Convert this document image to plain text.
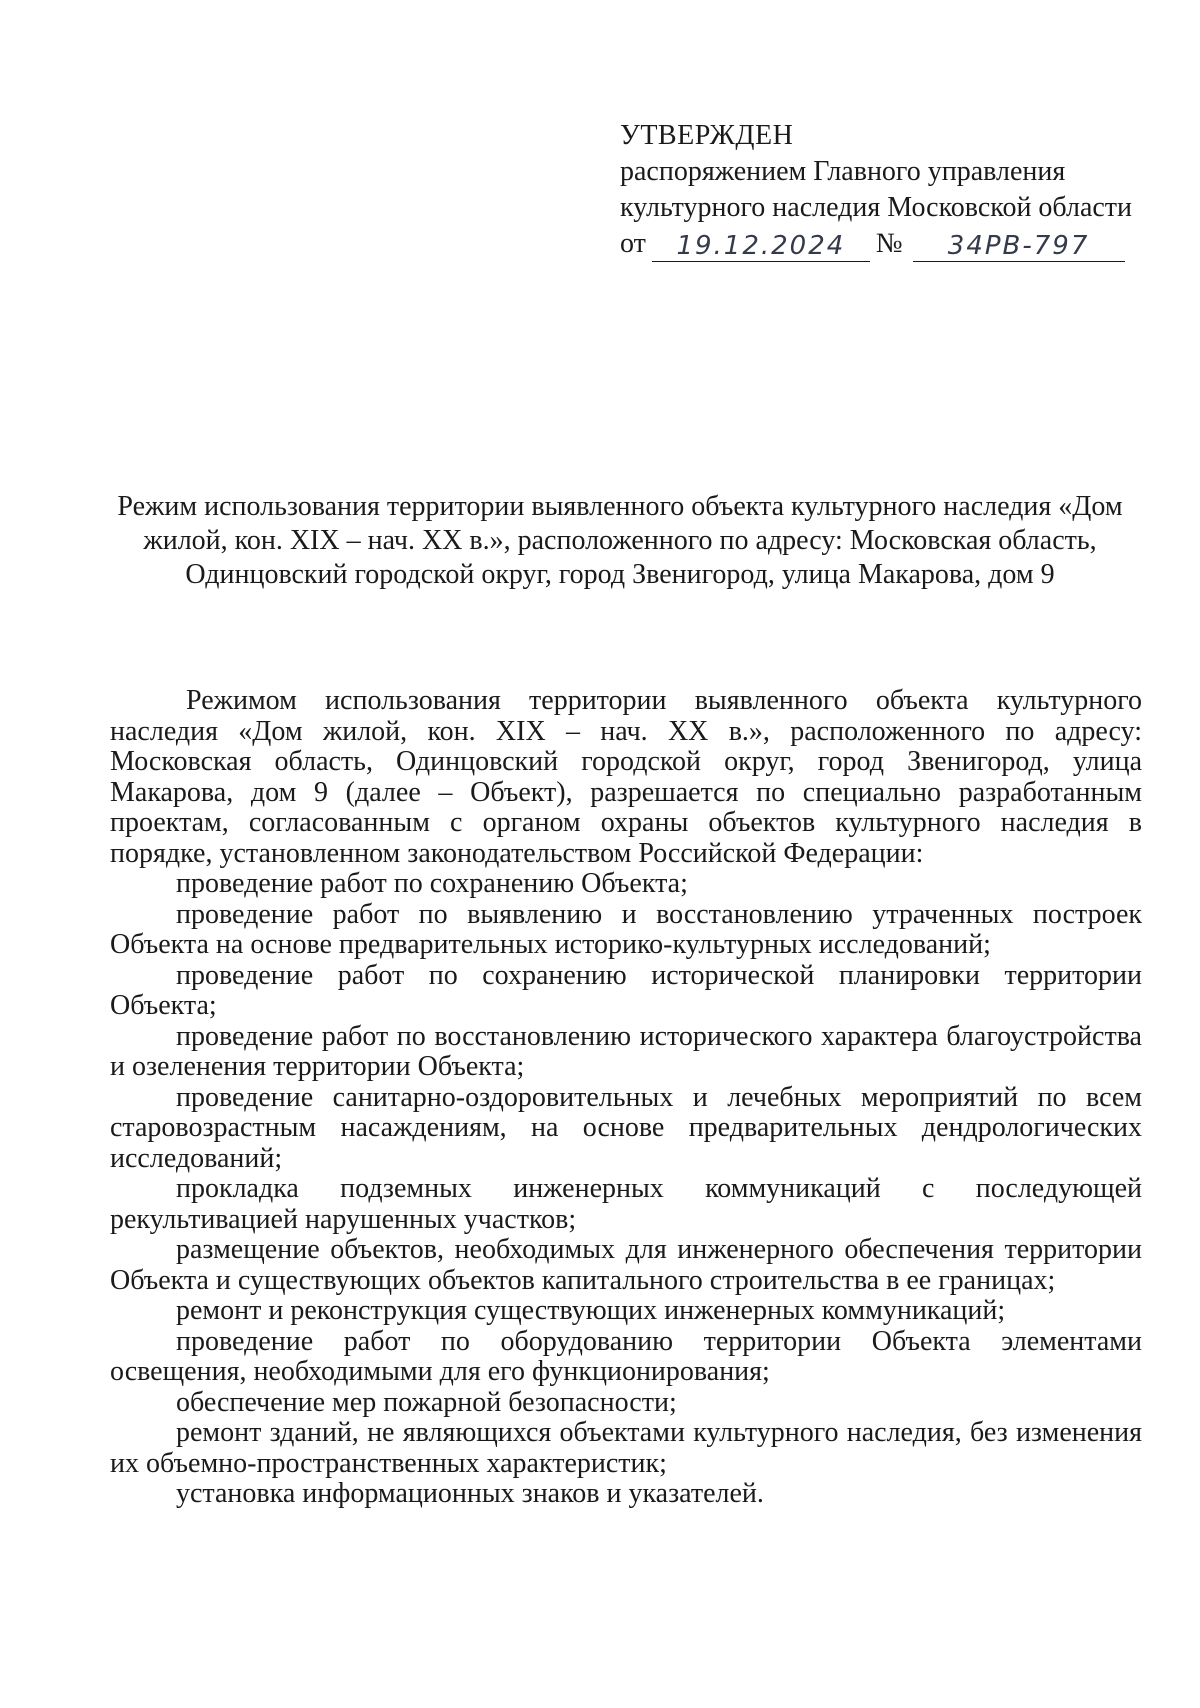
УТВЕРЖДЕН
распоряжением Главного управления
культурного наследия Московской области
от	19.12.2024	№	34РВ-797
Режим использования территории выявленного объекта культурного наследия «Дом жилой, кон. XIX – нач. XX в.», расположенного по адресу: Московская область, Одинцовский городской округ, город Звенигород, улица Макарова, дом 9

Режимом использования территории выявленного объекта культурного наследия «Дом жилой, кон. XIX – нач. XX в.», расположенного по адресу: Московская область, Одинцовский городской округ, город Звенигород, улица Макарова, дом 9 (далее – Объект), разрешается по специально разработанным проектам, согласованным с органом охраны объектов культурного наследия в порядке, установленном законодательством Российской Федерации:

проведение работ по сохранению Объекта;
проведение работ по выявлению и восстановлению утраченных построек Объекта на основе предварительных историко-культурных исследований;
проведение работ по сохранению исторической планировки территории Объекта;
проведение работ по восстановлению исторического характера благоустройства и озеленения территории Объекта;
проведение санитарно-оздоровительных и лечебных мероприятий по всем старовозрастным насаждениям, на основе предварительных дендрологических исследований;
прокладка подземных инженерных коммуникаций с последующей рекультивацией нарушенных участков;
размещение объектов, необходимых для инженерного обеспечения территории Объекта и существующих объектов капитального строительства в ее границах;
ремонт и реконструкция существующих инженерных коммуникаций;
проведение работ по оборудованию территории Объекта элементами освещения, необходимыми для его функционирования;
обеспечение мер пожарной безопасности;
ремонт зданий, не являющихся объектами культурного наследия, без изменения их объемно-пространственных характеристик;
установка информационных знаков и указателей.
